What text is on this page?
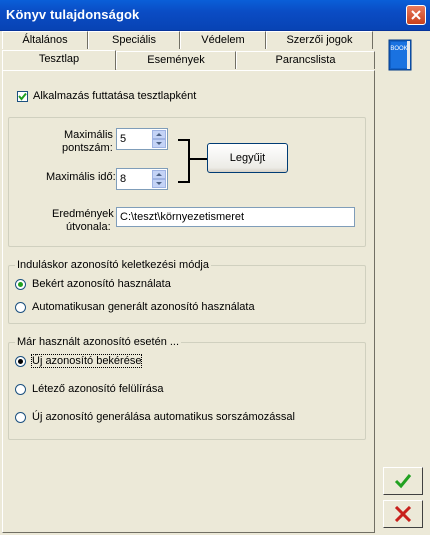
Könyv tulajdonságok
Általános	Speciális	Védelem	Szerzői jogok
Tesztlap	Események	Parancslista
Alkalmazás futtatása tesztlapként
Maximális
pontszám:
5
Maximális idő: 8
Legyűjt
Eredmények
útvonala:
C:\teszt\környezetismeret
Induláskor azonosító keletkezési módja
Bekért azonosító használata
Automatikusan generált azonosító használata
Már használt azonosító esetén ...
Új azonosító bekérése
Létező azonosító felülírása
Új azonosító generálása automatikus sorszámozással
BOOK
